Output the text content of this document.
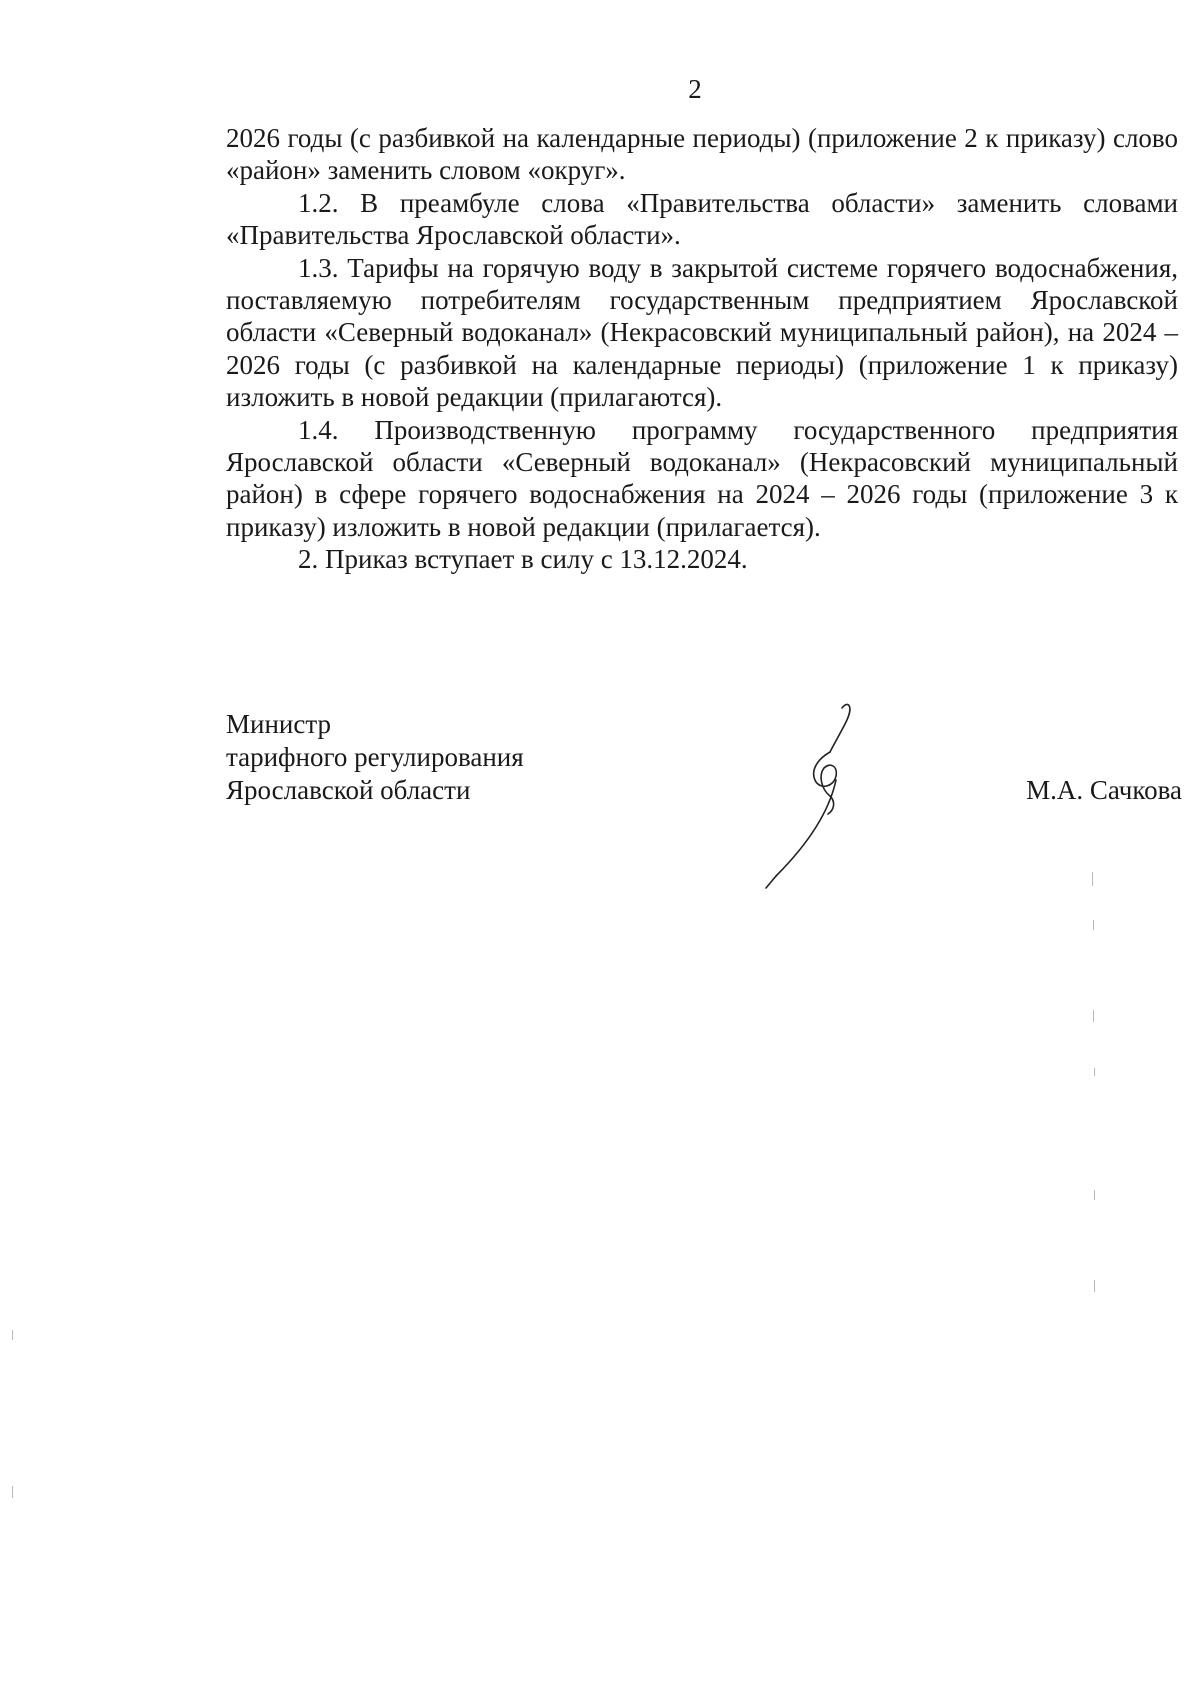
2

2026 годы (с разбивкой на календарные периоды) (приложение 2 к приказу) слово «район» заменить словом «округ».

1.2. В преамбуле слова «Правительства области» заменить словами «Правительства Ярославской области».

1.3. Тарифы на горячую воду в закрытой системе горячего водоснабжения, поставляемую потребителям государственным предприятием Ярославской области «Северный водоканал» (Некрасовский муниципальный район), на 2024 – 2026 годы (с разбивкой на календарные периоды) (приложение 1 к приказу) изложить в новой редакции (прилагаются).

1.4. Производственную программу государственного предприятия Ярославской области «Северный водоканал» (Некрасовский муниципальный район) в сфере горячего водоснабжения на 2024 – 2026 годы (приложение 3 к приказу) изложить в новой редакции (прилагается).

2. Приказ вступает в силу с 13.12.2024.

Министр
тарифного регулирования
Ярославской области	М.А. Сачкова
